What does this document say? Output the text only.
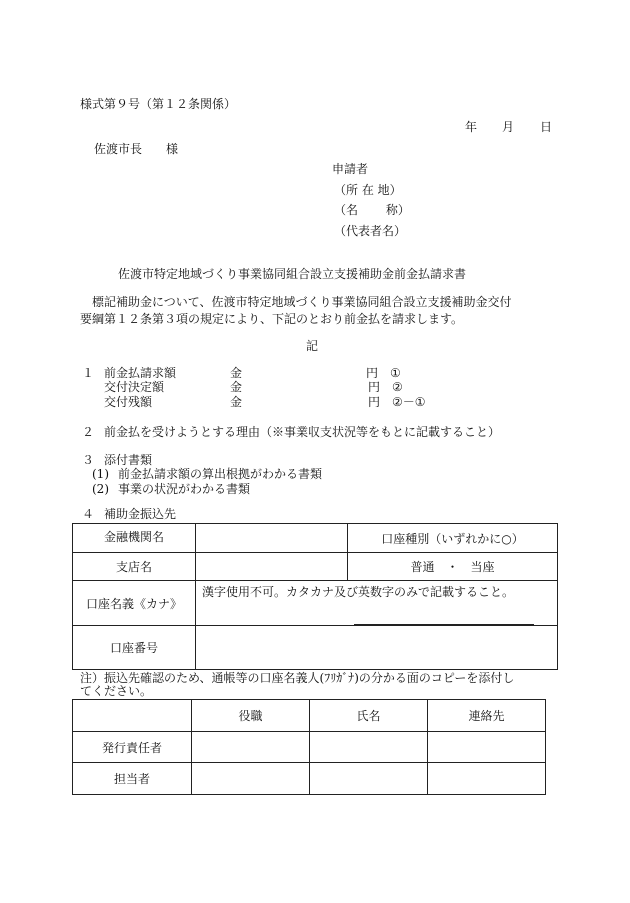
様式第９号（第１２条関係）
年 月 日
佐渡市長　　様
申請者
（所 在 地）
（名　　 称）
（代表者名）
佐渡市特定地域づくり事業協同組合設立支援補助金前金払請求書
標記補助金について、佐渡市特定地域づくり事業協同組合設立支援補助金交付
要綱第１２条第３項の規定により、下記のとおり前金払を請求します。
記
１ 前金払請求額	金	円 ①
交付決定額	金	円 ②
交付残額	金	円 ②－①
２ 前金払を受けようとする理由（※事業収支状況等をもとに記載すること）
３ 添付書類
(1) 前金払請求額の算出根拠がわかる書類
(2) 事業の状況がわかる書類
４ 補助金振込先
金融機関名		口座種別（いずれかに○）
支店名		普通　・　当座
口座名義《カナ》	漢字使用不可。カタカナ及び英数字のみで記載すること。	

口座番号		
注）振込先確認のため、通帳等の口座名義人(ﾌﾘｶﾞﾅ)の分かる面のコピーを添付し
てください。
	役職	氏名	連絡先
発行責任者			
担当者			
